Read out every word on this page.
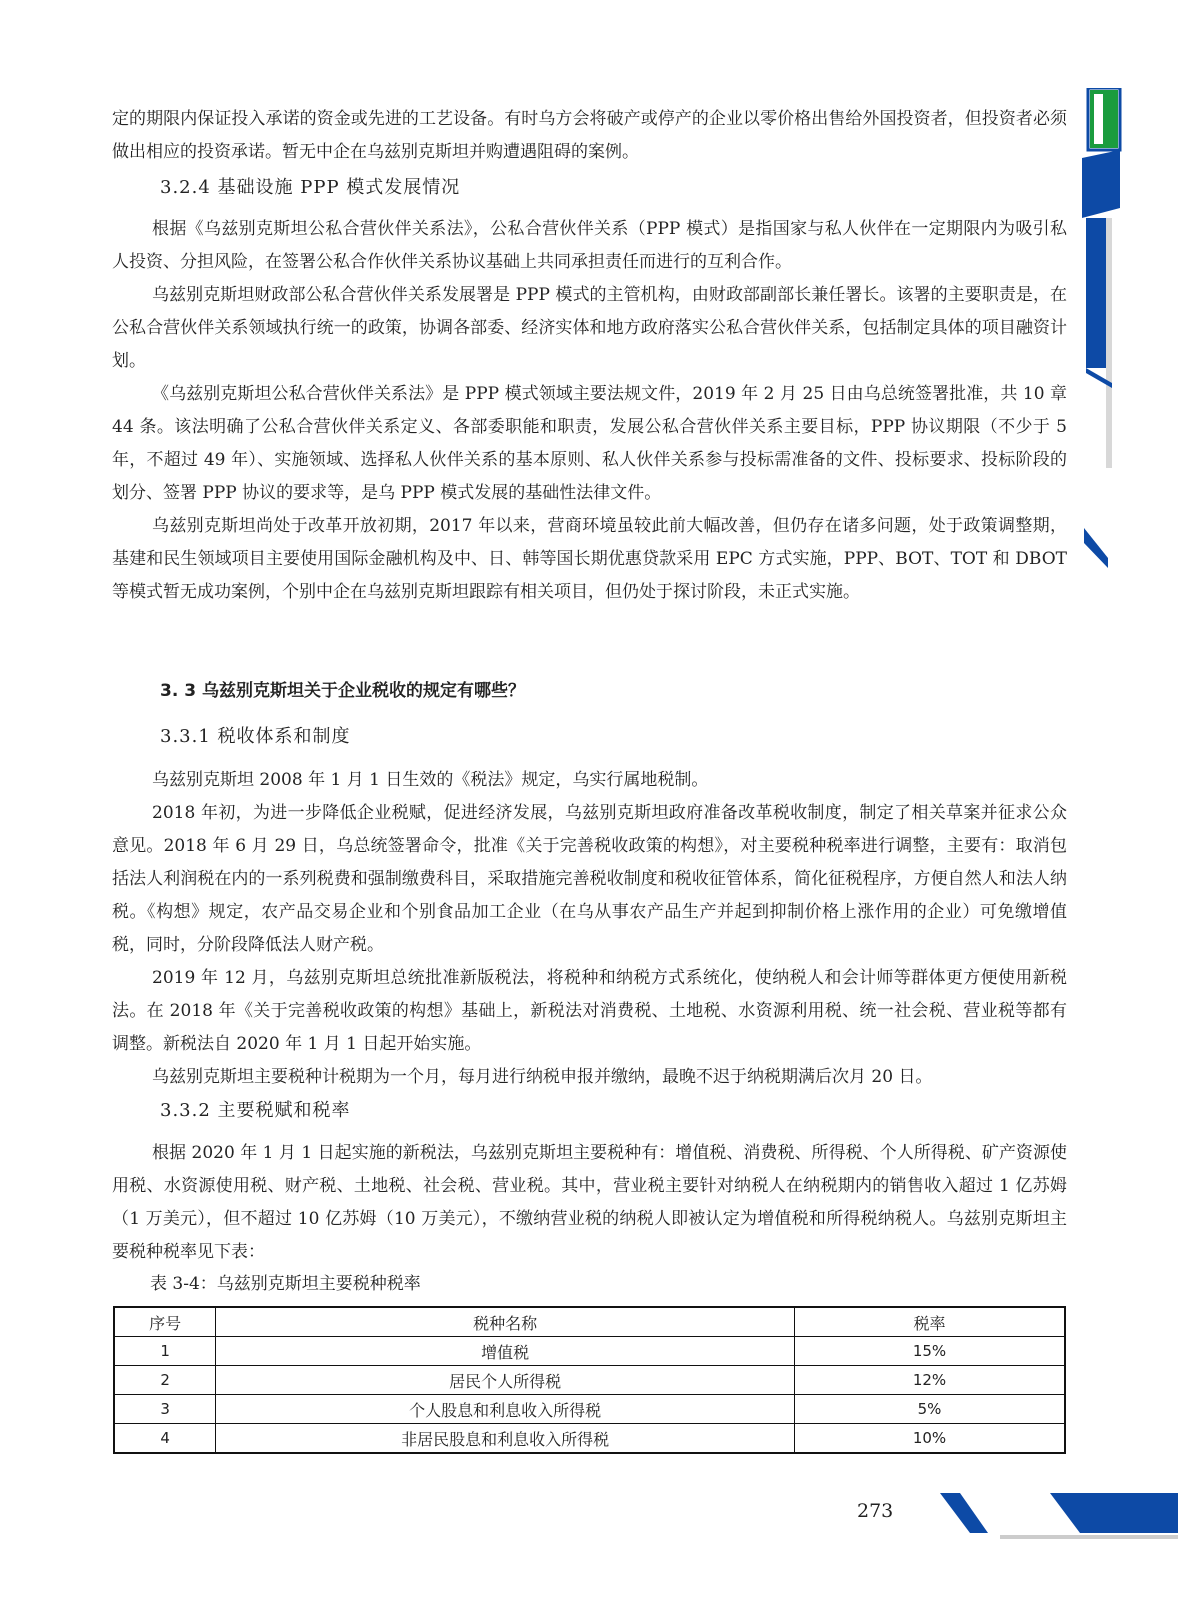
定的期限内保证投入承诺的资金或先进的工艺设备。有时乌方会将破产或停产的企业以零价格出售给外国投资者，但投资者必须做出相应的投资承诺。暂无中企在乌兹别克斯坦并购遭遇阻碍的案例。

3.2.4 基础设施 PPP 模式发展情况

根据《乌兹别克斯坦公私合营伙伴关系法》，公私合营伙伴关系（PPP 模式）是指国家与私人伙伴在一定期限内为吸引私人投资、分担风险，在签署公私合作伙伴关系协议基础上共同承担责任而进行的互利合作。

乌兹别克斯坦财政部公私合营伙伴关系发展署是 PPP 模式的主管机构，由财政部副部长兼任署长。该署的主要职责是，在公私合营伙伴关系领域执行统一的政策，协调各部委、经济实体和地方政府落实公私合营伙伴关系，包括制定具体的项目融资计划。

《乌兹别克斯坦公私合营伙伴关系法》是 PPP 模式领域主要法规文件，2019 年 2 月 25 日由乌总统签署批准，共 10 章 44 条。该法明确了公私合营伙伴关系定义、各部委职能和职责，发展公私合营伙伴关系主要目标，PPP 协议期限（不少于 5 年，不超过 49 年）、实施领域、选择私人伙伴关系的基本原则、私人伙伴关系参与投标需准备的文件、投标要求、投标阶段的划分、签署 PPP 协议的要求等，是乌 PPP 模式发展的基础性法律文件。

乌兹别克斯坦尚处于改革开放初期，2017 年以来，营商环境虽较此前大幅改善，但仍存在诸多问题，处于政策调整期，基建和民生领域项目主要使用国际金融机构及中、日、韩等国长期优惠贷款采用 EPC 方式实施，PPP、BOT、TOT 和 DBOT 等模式暂无成功案例，个别中企在乌兹别克斯坦跟踪有相关项目，但仍处于探讨阶段，未正式实施。

3. 3 乌兹别克斯坦关于企业税收的规定有哪些？
3.3.1 税收体系和制度

乌兹别克斯坦 2008 年 1 月 1 日生效的《税法》规定，乌实行属地税制。

2018 年初，为进一步降低企业税赋，促进经济发展，乌兹别克斯坦政府准备改革税收制度，制定了相关草案并征求公众意见。2018 年 6 月 29 日，乌总统签署命令，批准《关于完善税收政策的构想》，对主要税种税率进行调整，主要有：取消包括法人利润税在内的一系列税费和强制缴费科目，采取措施完善税收制度和税收征管体系，简化征税程序，方便自然人和法人纳税。《构想》规定，农产品交易企业和个别食品加工企业（在乌从事农产品生产并起到抑制价格上涨作用的企业）可免缴增值税，同时，分阶段降低法人财产税。

2019 年 12 月，乌兹别克斯坦总统批准新版税法，将税种和纳税方式系统化，使纳税人和会计师等群体更方便使用新税法。在 2018 年《关于完善税收政策的构想》基础上，新税法对消费税、土地税、水资源利用税、统一社会税、营业税等都有调整。新税法自 2020 年 1 月 1 日起开始实施。

乌兹别克斯坦主要税种计税期为一个月，每月进行纳税申报并缴纳，最晚不迟于纳税期满后次月 20 日。

3.3.2 主要税赋和税率

根据 2020 年 1 月 1 日起实施的新税法，乌兹别克斯坦主要税种有：增值税、消费税、所得税、个人所得税、矿产资源使用税、水资源使用税、财产税、土地税、社会税、营业税。其中，营业税主要针对纳税人在纳税期内的销售收入超过 1 亿苏姆（1 万美元），但不超过 10 亿苏姆（10 万美元），不缴纳营业税的纳税人即被认定为增值税和所得税纳税人。乌兹别克斯坦主要税种税率见下表：

表 3-4：乌兹别克斯坦主要税种税率
序号	税种名称	税率
1	增值税	15%
2	居民个人所得税	12%
3	个人股息和利息收入所得税	5%
4	非居民股息和利息收入所得税	10%
273
